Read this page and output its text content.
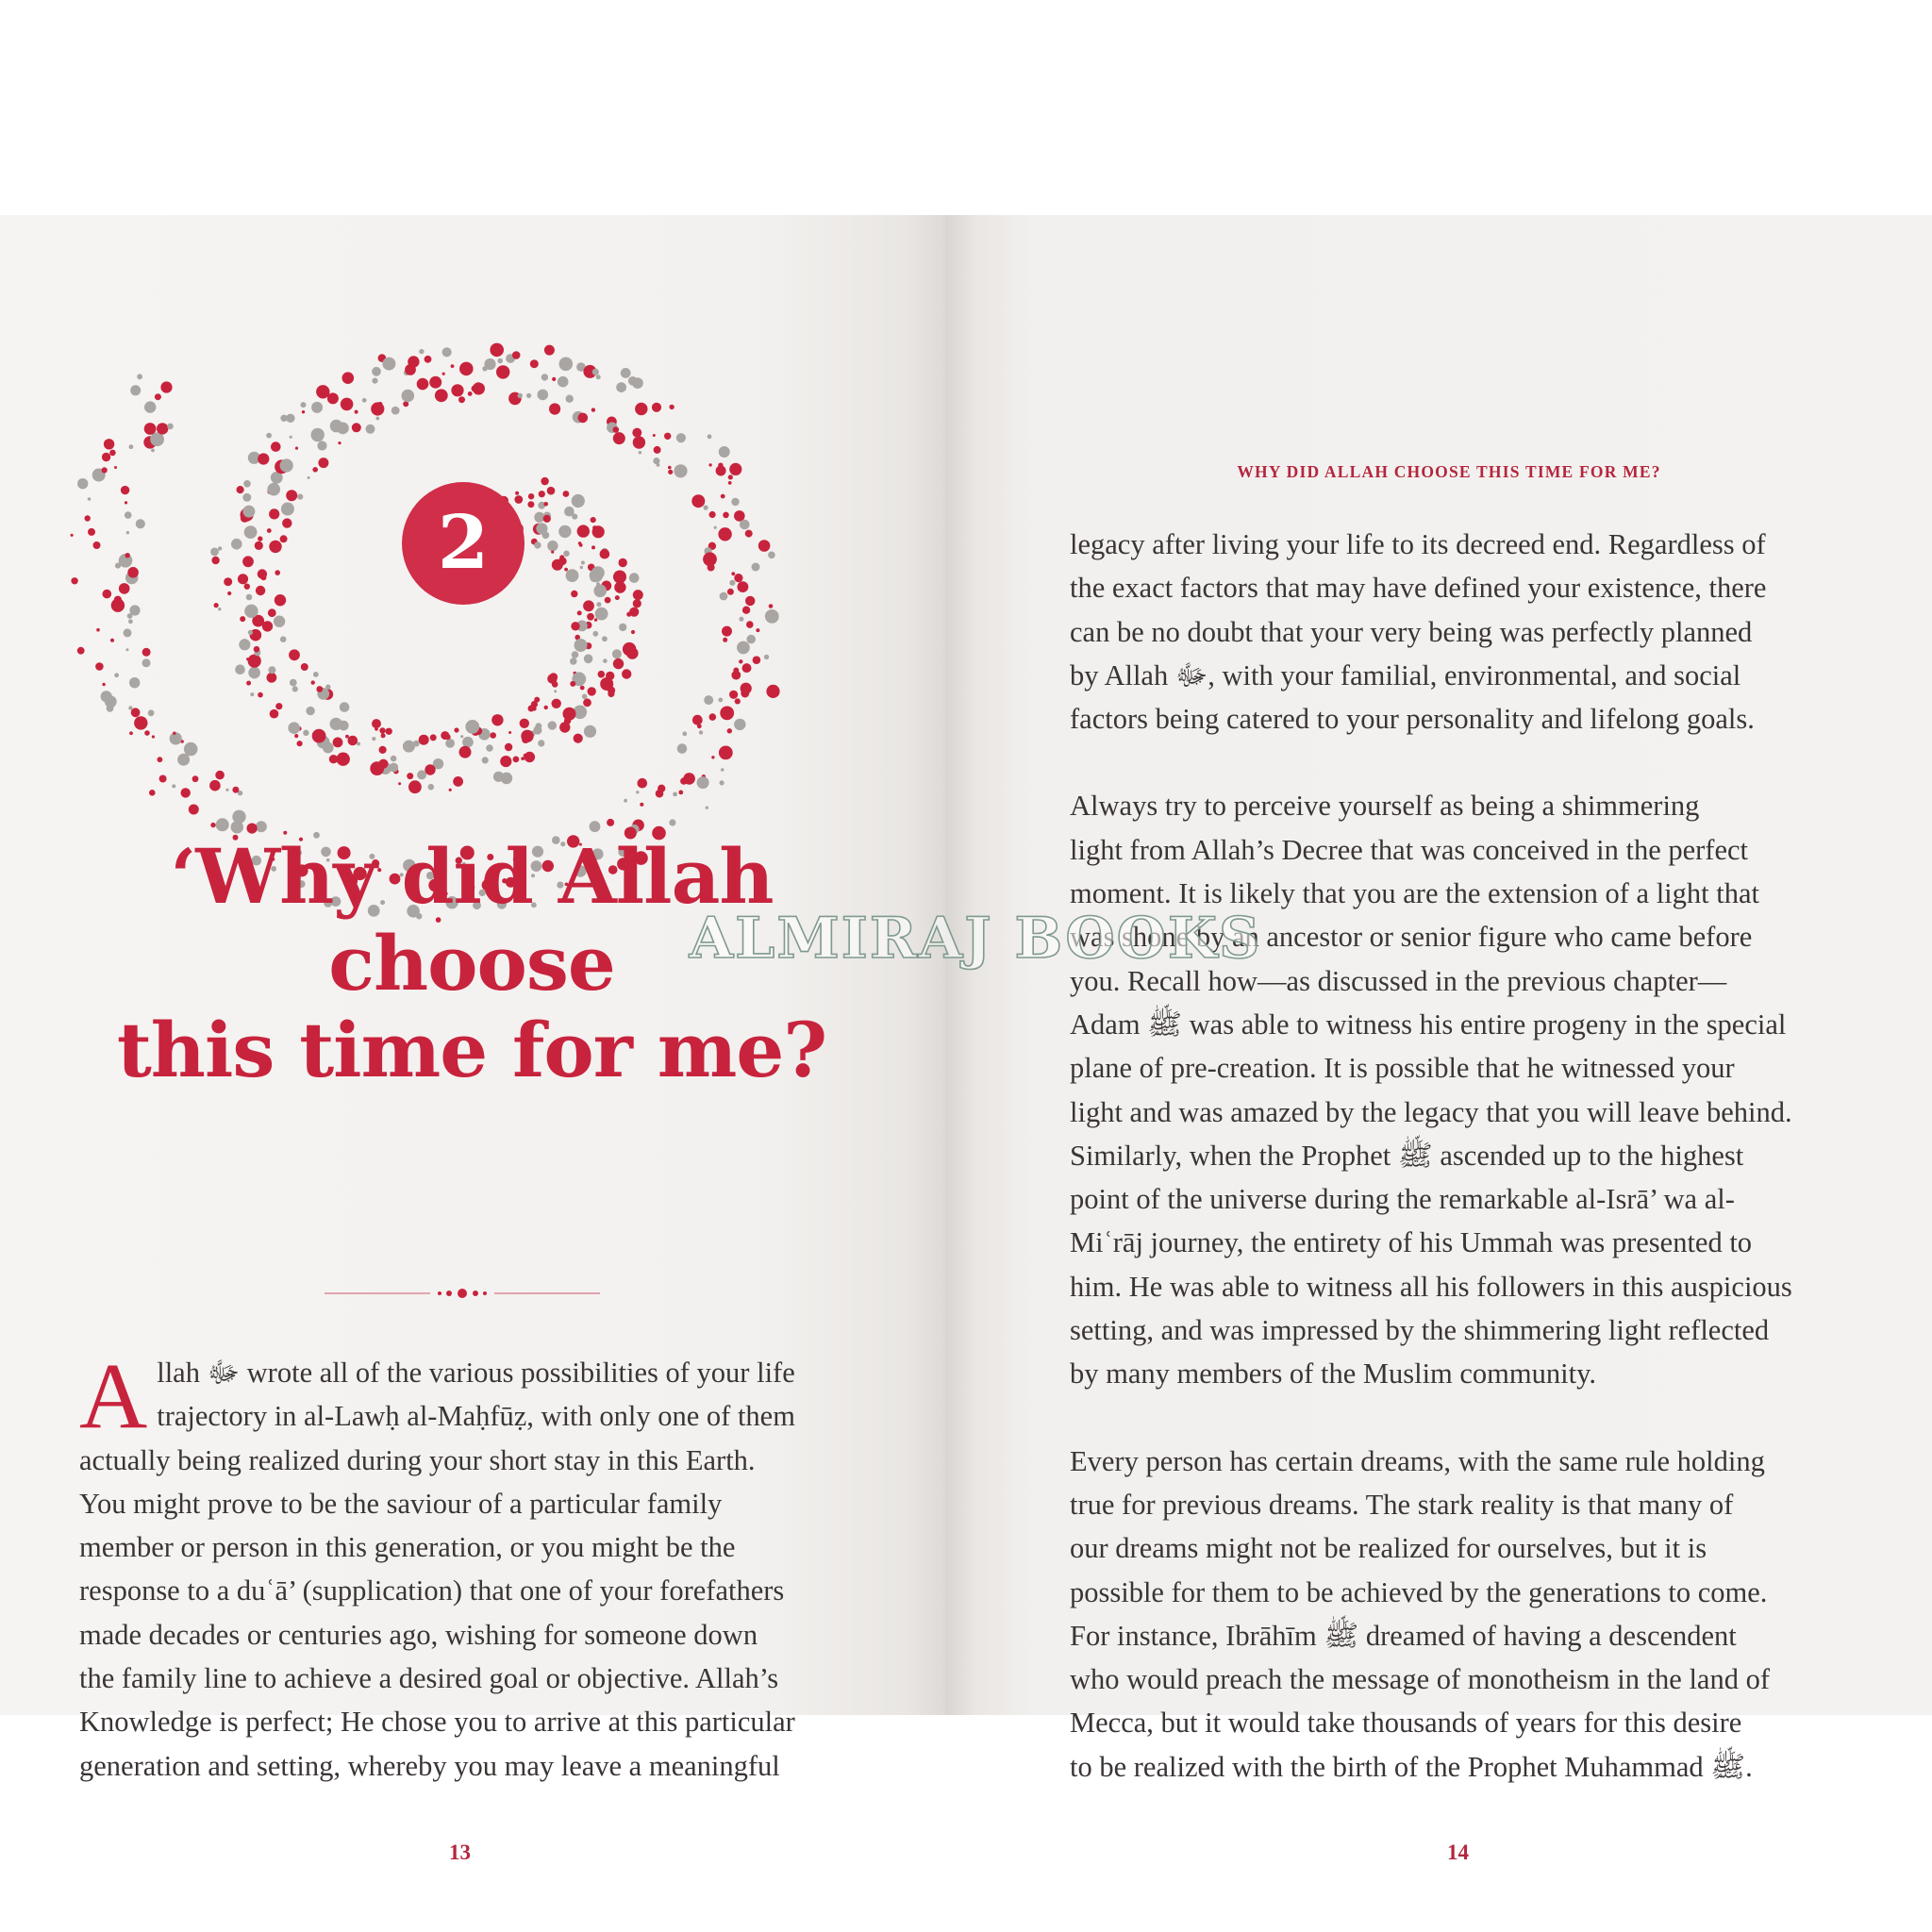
2
‘Why did Allah choose
this time for me?
A llah ﷻ wrote all of the various possibilities of your life
trajectory in al-Lawḥ al-Maḥfūẓ, with only one of them
actually being realized during your short stay in this Earth.
You might prove to be the saviour of a particular family
member or person in this generation, or you might be the
response to a duʿā’ (supplication) that one of your forefathers
made decades or centuries ago, wishing for someone down
the family line to achieve a desired goal or objective. Allah’s
Knowledge is perfect; He chose you to arrive at this particular
generation and setting, whereby you may leave a meaningful
13
WHY DID ALLAH CHOOSE THIS TIME FOR ME?
legacy after living your life to its decreed end. Regardless of
the exact factors that may have defined your existence, there
can be no doubt that your very being was perfectly planned
by Allah ﷻ, with your familial, environmental, and social
factors being catered to your personality and lifelong goals.
Always try to perceive yourself as being a shimmering
light from Allah’s Decree that was conceived in the perfect
moment. It is likely that you are the extension of a light that
was shone by an ancestor or senior figure who came before
you. Recall how—as discussed in the previous chapter—
Adam ﷺ was able to witness his entire progeny in the special
plane of pre-creation. It is possible that he witnessed your
light and was amazed by the legacy that you will leave behind.
Similarly, when the Prophet ﷺ ascended up to the highest
point of the universe during the remarkable al-Isrā’ wa al-
Miʿrāj journey, the entirety of his Ummah was presented to
him. He was able to witness all his followers in this auspicious
setting, and was impressed by the shimmering light reflected
by many members of the Muslim community.
Every person has certain dreams, with the same rule holding
true for previous dreams. The stark reality is that many of
our dreams might not be realized for ourselves, but it is
possible for them to be achieved by the generations to come.
For instance, Ibrāhīm ﷺ dreamed of having a descendent
who would preach the message of monotheism in the land of
Mecca, but it would take thousands of years for this desire
to be realized with the birth of the Prophet Muhammad ﷺ.
14
ALMIRAJ BOOKS
